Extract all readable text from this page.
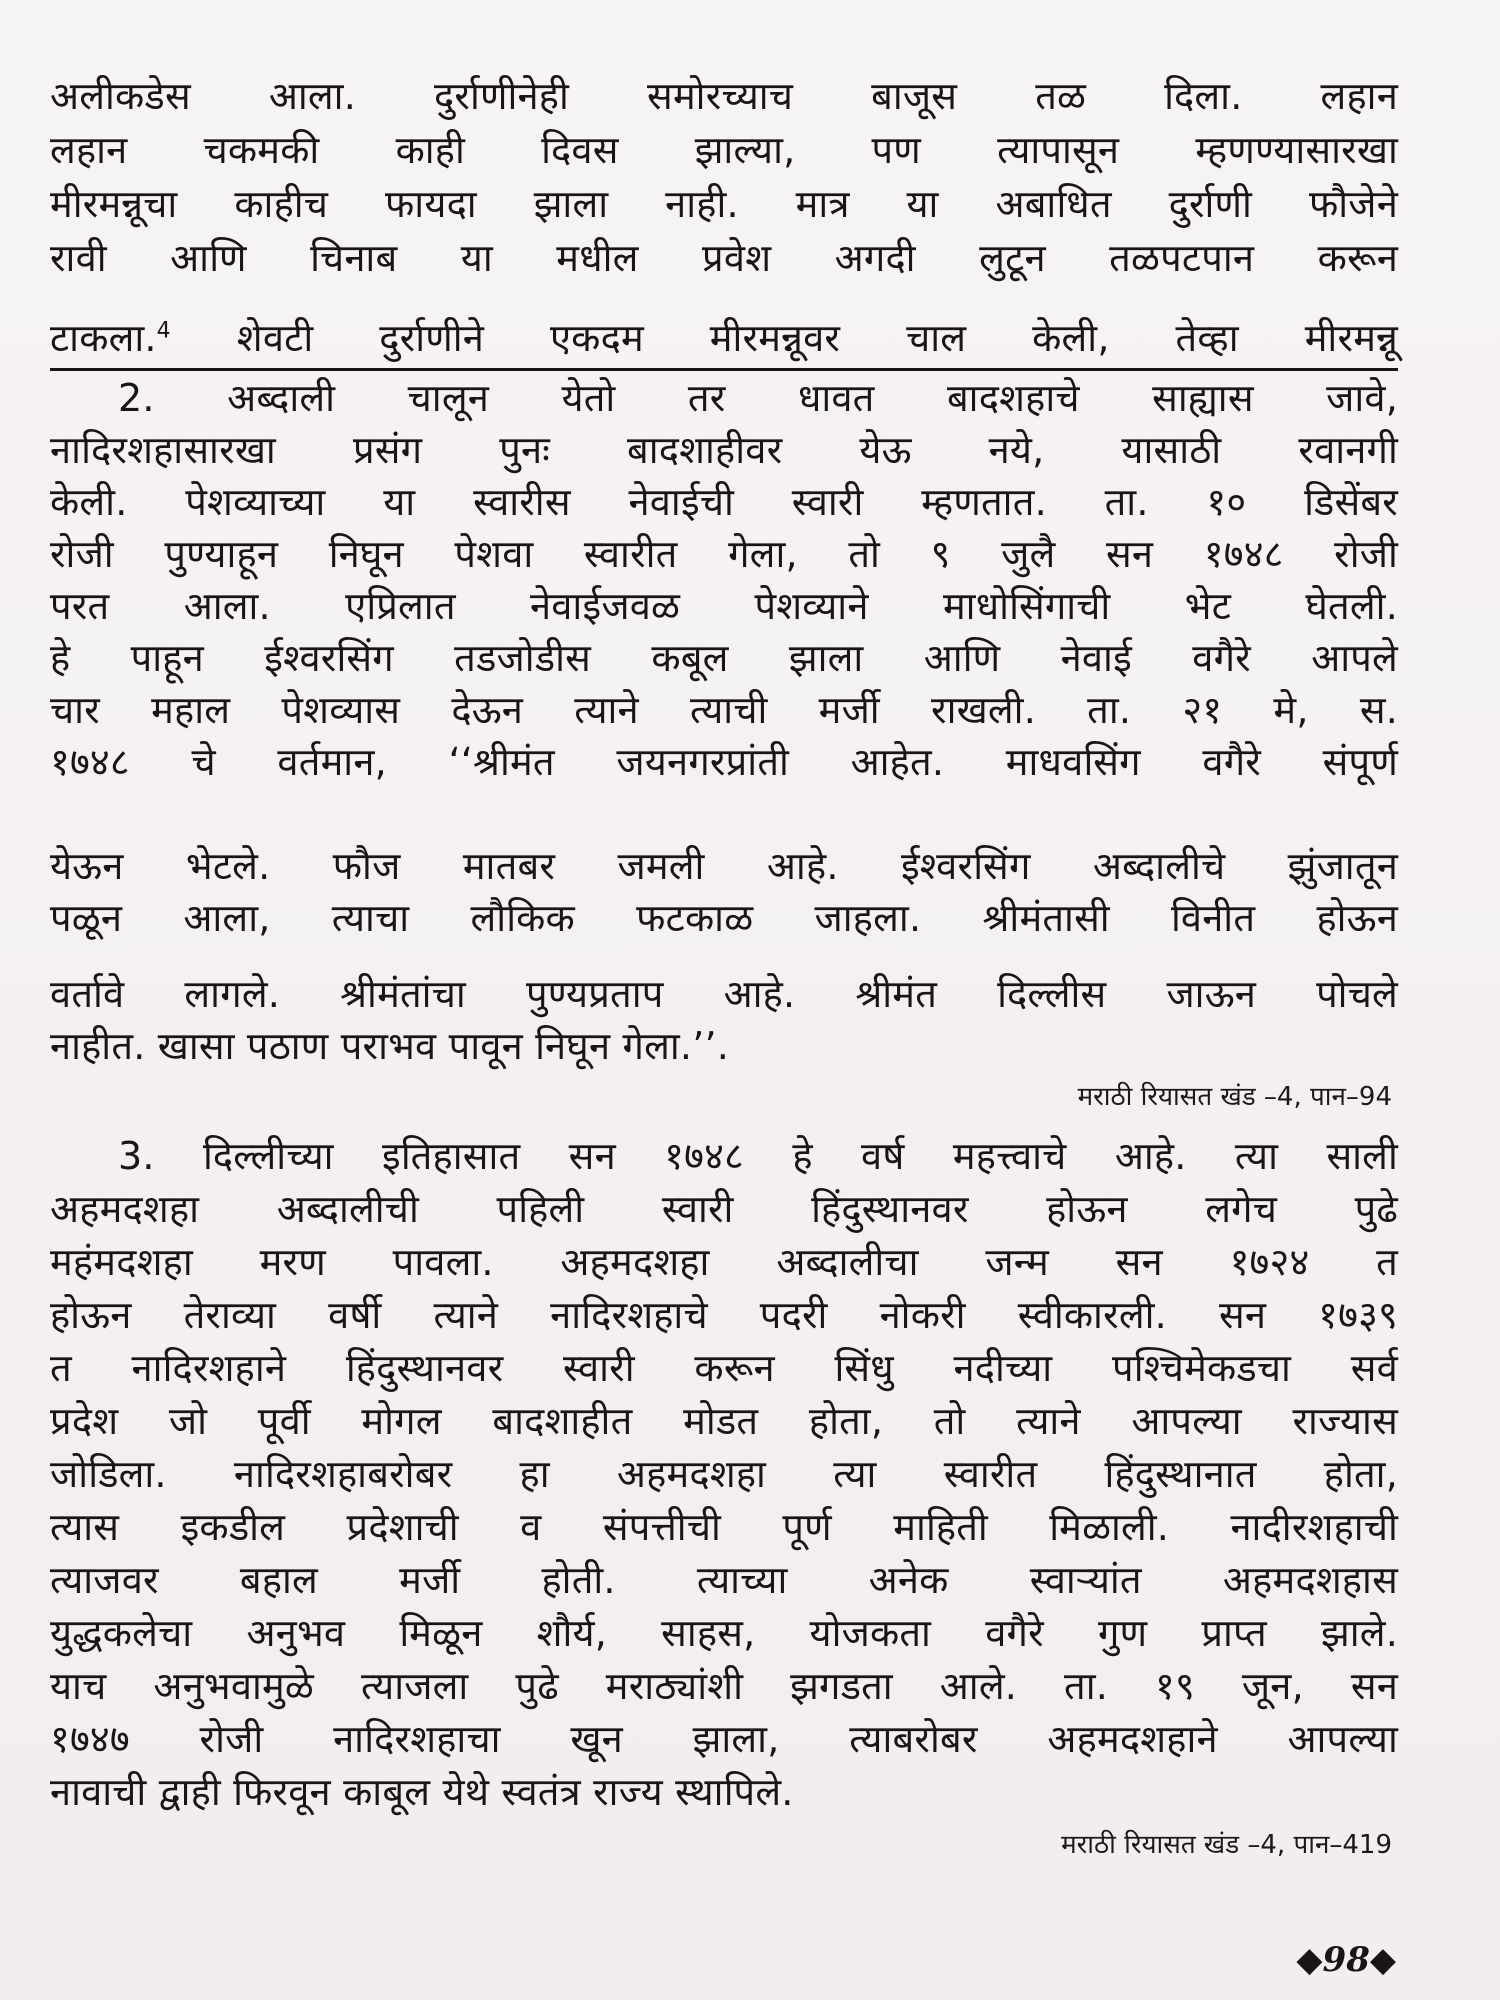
अलीकडेस आला. दुर्राणीनेही समोरच्याच बाजूस तळ दिला. लहान
लहान चकमकी काही दिवस झाल्या, पण त्यापासून म्हणण्यासारखा
मीरमन्नूचा काहीच फायदा झाला नाही. मात्र या अबाधित दुर्राणी फौजेने
रावी आणि चिनाब या मधील प्रवेश अगदी लुटून तळपटपान करून
टाकला.$^4$ शेवटी दुर्राणीने एकदम मीरमन्नूवर चाल केली, तेव्हा मीरमन्नू
2. अब्दाली चालून येतो तर धावत बादशहाचे साह्यास जावे,
नादिरशहासारखा प्रसंग पुनः बादशाहीवर येऊ नये, यासाठी रवानगी
केली. पेशव्याच्या या स्वारीस नेवाईची स्वारी म्हणतात. ता. १० डिसेंबर
रोजी पुण्याहून निघून पेशवा स्वारीत गेला, तो ९ जुलै सन १७४८ रोजी
परत आला. एप्रिलात नेवाईजवळ पेशव्याने माधोसिंगाची भेट घेतली.
हे पाहून ईश्वरसिंग तडजोडीस कबूल झाला आणि नेवाई वगैरे आपले
चार महाल पेशव्यास देऊन त्याने त्याची मर्जी राखली. ता. २१ मे, स.
१७४८ चे वर्तमान, ‘‘श्रीमंत जयनगरप्रांती आहेत. माधवसिंग वगैरे संपूर्ण
येऊन भेटले. फौज मातबर जमली आहे. ईश्वरसिंग अब्दालीचे झुंजातून
पळून आला, त्याचा लौकिक फटकाळ जाहला. श्रीमंतासी विनीत होऊन
वर्तावे लागले. श्रीमंतांचा पुण्यप्रताप आहे. श्रीमंत दिल्लीस जाऊन पोचले
नाहीत. खासा पठाण पराभव पावून निघून गेला.’’.
मराठी रियासत खंड –4, पान–94
3. दिल्लीच्या इतिहासात सन १७४८ हे वर्ष महत्त्वाचे आहे. त्या साली
अहमदशहा अब्दालीची पहिली स्वारी हिंदुस्थानवर होऊन लगेच पुढे
महंमदशहा मरण पावला. अहमदशहा अब्दालीचा जन्म सन १७२४ त
होऊन तेराव्या वर्षी त्याने नादिरशहाचे पदरी नोकरी स्वीकारली. सन १७३९
त नादिरशहाने हिंदुस्थानवर स्वारी करून सिंधु नदीच्या पश्चिमेकडचा सर्व
प्रदेश जो पूर्वी मोगल बादशाहीत मोडत होता, तो त्याने आपल्या राज्यास
जोडिला. नादिरशहाबरोबर हा अहमदशहा त्या स्वारीत हिंदुस्थानात होता,
त्यास इकडील प्रदेशाची व संपत्तीची पूर्ण माहिती मिळाली. नादीरशहाची
त्याजवर बहाल मर्जी होती. त्याच्या अनेक स्वाऱ्यांत अहमदशहास
युद्धकलेचा अनुभव मिळून शौर्य, साहस, योजकता वगैरे गुण प्राप्त झाले.
याच अनुभवामुळे त्याजला पुढे मराठ्यांशी झगडता आले. ता. १९ जून, सन
१७४७ रोजी नादिरशहाचा खून झाला, त्याबरोबर अहमदशहाने आपल्या
नावाची द्वाही फिरवून काबूल येथे स्वतंत्र राज्य स्थापिले.
मराठी रियासत खंड –4, पान–419
◆98◆
